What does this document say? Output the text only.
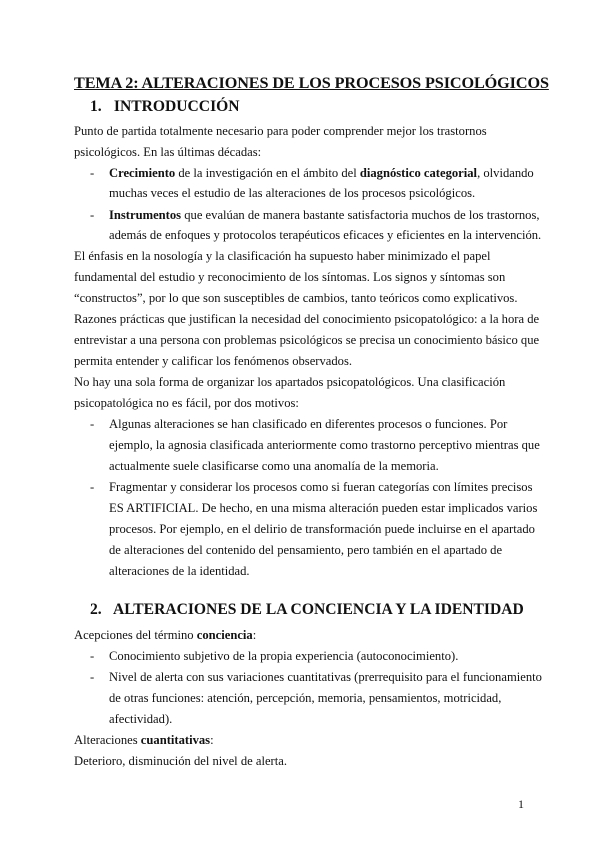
TEMA 2: ALTERACIONES DE LOS PROCESOS PSICOLÓGICOS
1. INTRODUCCIÓN
Punto de partida totalmente necesario para poder comprender mejor los trastornos
psicológicos. En las últimas décadas:
- Crecimiento de la investigación en el ámbito del diagnóstico categorial, olvidando
muchas veces el estudio de las alteraciones de los procesos psicológicos.
- Instrumentos que evalúan de manera bastante satisfactoria muchos de los trastornos,
además de enfoques y protocolos terapéuticos eficaces y eficientes en la intervención.
El énfasis en la nosología y la clasificación ha supuesto haber minimizado el papel
fundamental del estudio y reconocimiento de los síntomas. Los signos y síntomas son
“constructos”, por lo que son susceptibles de cambios, tanto teóricos como explicativos.
Razones prácticas que justifican la necesidad del conocimiento psicopatológico: a la hora de
entrevistar a una persona con problemas psicológicos se precisa un conocimiento básico que
permita entender y calificar los fenómenos observados.
No hay una sola forma de organizar los apartados psicopatológicos. Una clasificación
psicopatológica no es fácil, por dos motivos:
- Algunas alteraciones se han clasificado en diferentes procesos o funciones. Por
ejemplo, la agnosia clasificada anteriormente como trastorno perceptivo mientras que
actualmente suele clasificarse como una anomalía de la memoria.
- Fragmentar y considerar los procesos como si fueran categorías con límites precisos
ES ARTIFICIAL. De hecho, en una misma alteración pueden estar implicados varios
procesos. Por ejemplo, en el delirio de transformación puede incluirse en el apartado
de alteraciones del contenido del pensamiento, pero también en el apartado de
alteraciones de la identidad.
2. ALTERACIONES DE LA CONCIENCIA Y LA IDENTIDAD
Acepciones del término conciencia:
- Conocimiento subjetivo de la propia experiencia (autoconocimiento).
- Nivel de alerta con sus variaciones cuantitativas (prerrequisito para el funcionamiento
de otras funciones: atención, percepción, memoria, pensamientos, motricidad,
afectividad).
Alteraciones cuantitativas:
Deterioro, disminución del nivel de alerta.
1
